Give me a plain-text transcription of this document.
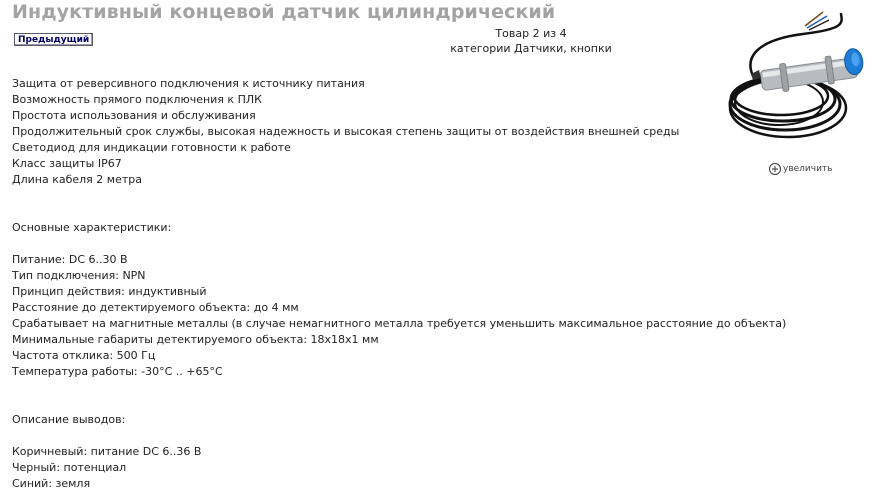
Индуктивный концевой датчик цилиндрический
Предыдущий	Товар 2 из 4
категории Датчики, кнопки
Защита от реверсивного подключения к источнику питания
Возможность прямого подключения к ПЛК
Простота использования и обслуживания
Продолжительный срок службы, высокая надежность и высокая степень защиты от воздействия внешней среды
Светодиод для индикации готовности к работе
Класс защиты IP67
Длина кабеля 2 метра
Основные характеристики:
Питание: DC 6..30 В
Тип подключения: NPN
Принцип действия: индуктивный
Расстояние до детектируемого объекта: до 4 мм
Срабатывает на магнитные металлы (в случае немагнитного металла требуется уменьшить максимальное расстояние до объекта)
Минимальные габариты детектируемого объекта: 18х18х1 мм
Частота отклика: 500 Гц
Температура работы: -30°C .. +65°C
Описание выводов:
Коричневый: питание DC 6..36 В
Черный: потенциал
Синий: земля
увеличить
